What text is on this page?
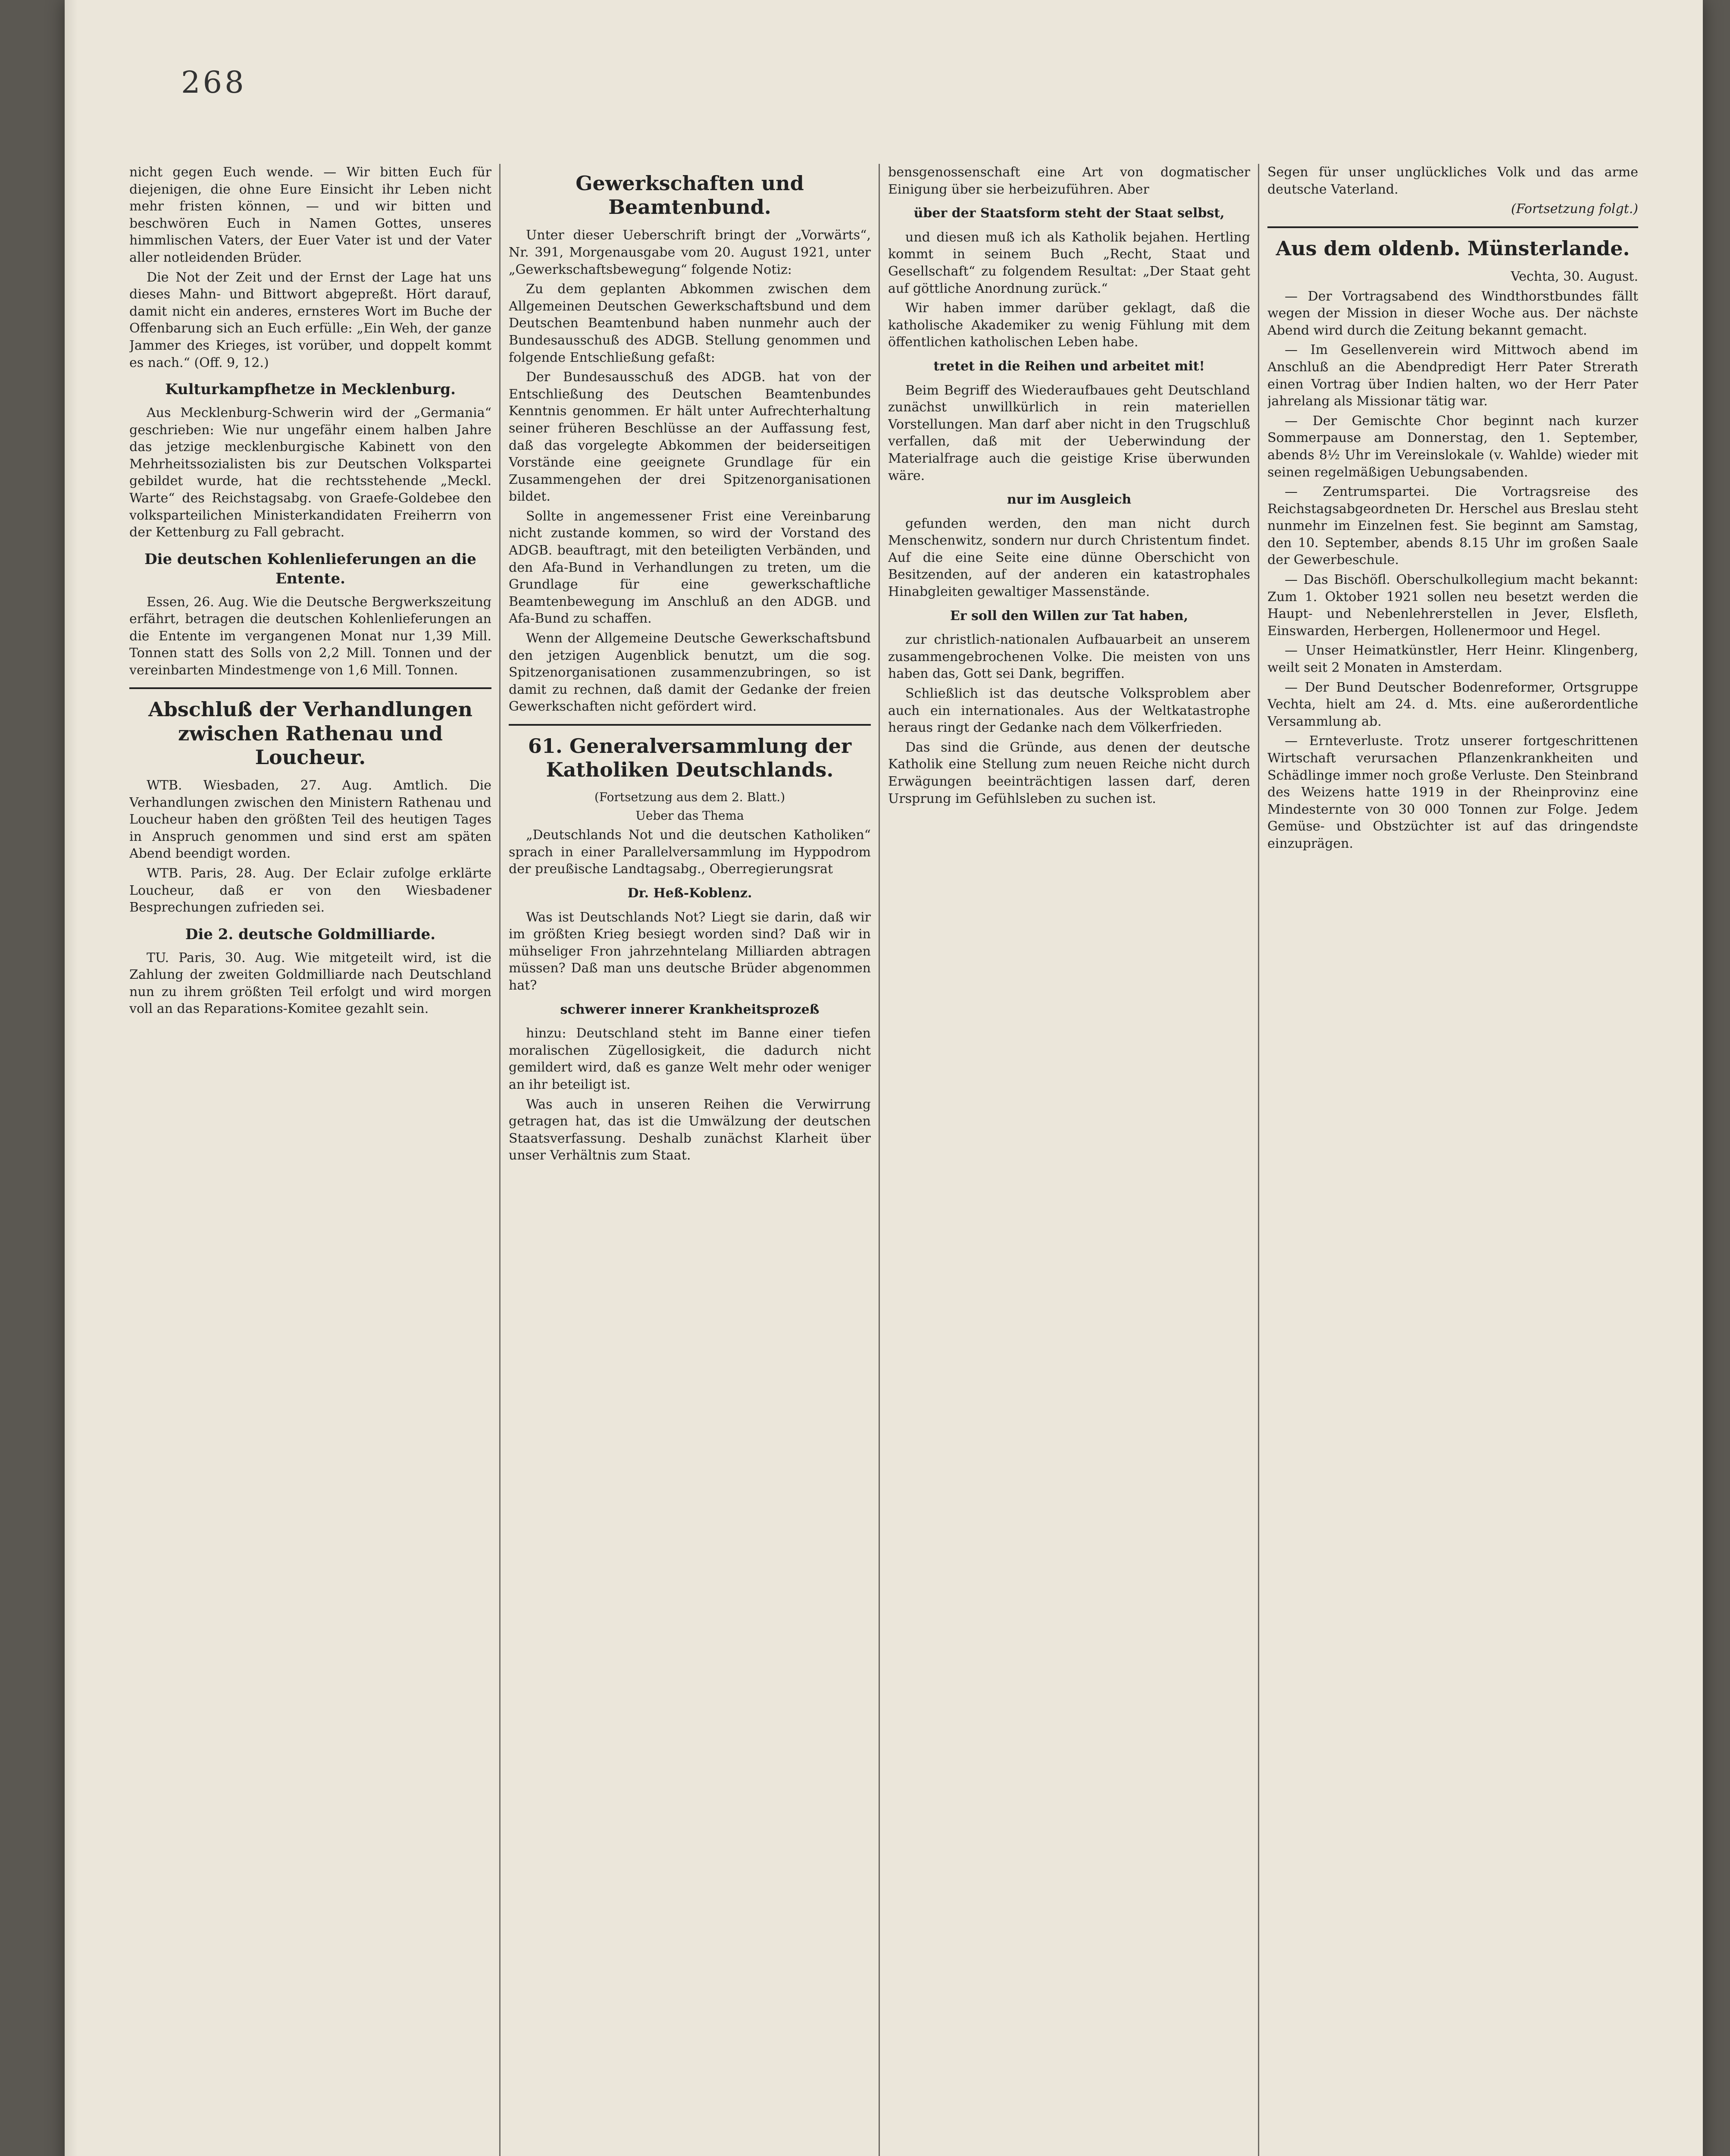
268

nicht gegen Euch wende. — Wir bitten Euch für diejenigen, die ohne Eure Einsicht ihr Leben nicht mehr fristen können, — und wir bitten und beschwören Euch in Namen Gottes, unseres himmlischen Vaters, der Euer Vater ist und der Vater aller notleidenden Brüder.

Die Not der Zeit und der Ernst der Lage hat uns dieses Mahn- und Bittwort abgepreßt. Hört darauf, damit nicht ein anderes, ernsteres Wort im Buche der Offenbarung sich an Euch erfülle: „Ein Weh, der ganze Jammer des Krieges, ist vorüber, und doppelt kommt es nach.“ (Off. 9, 12.)

Kulturkampfhetze in Mecklenburg.

Aus Mecklenburg-Schwerin wird der „Germania“ geschrieben: Wie nur ungefähr einem halben Jahre das jetzige mecklenburgische Kabinett von den Mehrheitssozialisten bis zur Deutschen Volkspartei gebildet wurde, hat die rechtsstehende „Meckl. Warte“ des Reichstagsabg. von Graefe-Goldebee den volksparteilichen Ministerkandidaten Freiherrn von der Kettenburg zu Fall gebracht.

Die deutschen Kohlenlieferungen an die Entente.

Essen, 26. Aug. Wie die Deutsche Bergwerkszeitung erfährt, betragen die deutschen Kohlenlieferungen an die Entente im vergangenen Monat nur 1,39 Mill. Tonnen statt des Solls von 2,2 Mill. Tonnen und der vereinbarten Mindestmenge von 1,6 Mill. Tonnen.

Abschluß der Verhandlungen zwischen Rathenau und Loucheur.

WTB. Wiesbaden, 27. Aug. Amtlich. Die Verhandlungen zwischen den Ministern Rathenau und Loucheur haben den größten Teil des heutigen Tages in Anspruch genommen und sind erst am späten Abend beendigt worden.

WTB. Paris, 28. Aug. Der Eclair zufolge erklärte Loucheur, daß er von den Wiesbadener Besprechungen zufrieden sei.

Die 2. deutsche Goldmilliarde.

TU. Paris, 30. Aug. Wie mitgeteilt wird, ist die Zahlung der zweiten Goldmilliarde nach Deutschland nun zu ihrem größten Teil erfolgt und wird morgen voll an das Reparations-Komitee gezahlt sein.

Gewerkschaften und Beamtenbund.

Unter dieser Ueberschrift bringt der „Vorwärts“, Nr. 391, Morgenausgabe vom 20. August 1921, unter „Gewerkschaftsbewegung“ folgende Notiz:

Zu dem geplanten Abkommen zwischen dem Allgemeinen Deutschen Gewerkschaftsbund und dem Deutschen Beamtenbund haben nunmehr auch der Bundesausschuß des ADGB. Stellung genommen und folgende Entschließung gefaßt:

Der Bundesausschuß des ADGB. hat von der Entschließung des Deutschen Beamtenbundes Kenntnis genommen. Er hält unter Aufrechterhaltung seiner früheren Beschlüsse an der Auffassung fest, daß das vorgelegte Abkommen der beiderseitigen Vorstände eine geeignete Grundlage für ein Zusammengehen der drei Spitzenorganisationen bildet.

Sollte in angemessener Frist eine Vereinbarung nicht zustande kommen, so wird der Vorstand des ADGB. beauftragt, mit den beteiligten Verbänden, und den Afa-Bund in Verhandlungen zu treten, um die Grundlage für eine gewerkschaftliche Beamtenbewegung im Anschluß an den ADGB. und Afa-Bund zu schaffen.

Wenn der Allgemeine Deutsche Gewerkschaftsbund den jetzigen Augenblick benutzt, um die sog. Spitzenorganisationen zusammenzubringen, so ist damit zu rechnen, daß damit der Gedanke der freien Gewerkschaften nicht gefördert wird.

61. Generalversammlung der Katholiken Deutschlands.

(Fortsetzung aus dem 2. Blatt.)

Ueber das Thema

„Deutschlands Not und die deutschen Katholiken“ sprach in einer Parallelversammlung im Hyppodrom der preußische Landtagsabg., Oberregierungsrat

Dr. Heß-Koblenz.

Was ist Deutschlands Not? Liegt sie darin, daß wir im größten Krieg besiegt worden sind? Daß wir in mühseliger Fron jahrzehntelang Milliarden abtragen müssen? Daß man uns deutsche Brüder abgenommen hat?

schwerer innerer Krankheitsprozeß

hinzu: Deutschland steht im Banne einer tiefen moralischen Zügellosigkeit, die dadurch nicht gemildert wird, daß es ganze Welt mehr oder weniger an ihr beteiligt ist.

Was auch in unseren Reihen die Verwirrung getragen hat, das ist die Umwälzung der deutschen Staatsverfassung. Deshalb zunächst Klarheit über unser Verhältnis zum Staat.

bensgenossenschaft eine Art von dogmatischer Einigung über sie herbeizuführen. Aber

über der Staatsform steht der Staat selbst,

und diesen muß ich als Katholik bejahen. Hertling kommt in seinem Buch „Recht, Staat und Gesellschaft“ zu folgendem Resultat: „Der Staat geht auf göttliche Anordnung zurück.“

Wir haben immer darüber geklagt, daß die katholische Akademiker zu wenig Fühlung mit dem öffentlichen katholischen Leben habe.

tretet in die Reihen und arbeitet mit!

Beim Begriff des Wiederaufbaues geht Deutschland zunächst unwillkürlich in rein materiellen Vorstellungen. Man darf aber nicht in den Trugschluß verfallen, daß mit der Ueberwindung der Materialfrage auch die geistige Krise überwunden wäre.

nur im Ausgleich

gefunden werden, den man nicht durch Menschenwitz, sondern nur durch Christentum findet. Auf die eine Seite eine dünne Oberschicht von Besitzenden, auf der anderen ein katastrophales Hinabgleiten gewaltiger Massenstände.

Er soll den Willen zur Tat haben,

zur christlich-nationalen Aufbauarbeit an unserem zusammengebrochenen Volke. Die meisten von uns haben das, Gott sei Dank, begriffen.

Schließlich ist das deutsche Volksproblem aber auch ein internationales. Aus der Weltkatastrophe heraus ringt der Gedanke nach dem Völkerfrieden.

Das sind die Gründe, aus denen der deutsche Katholik eine Stellung zum neuen Reiche nicht durch Erwägungen beeinträchtigen lassen darf, deren Ursprung im Gefühlsleben zu suchen ist.

Segen für unser unglückliches Volk und das arme deutsche Vaterland.

(Fortsetzung folgt.)

Aus dem oldenb. Münsterlande.

Vechta, 30. August.

— Der Vortragsabend des Windthorstbundes fällt wegen der Mission in dieser Woche aus. Der nächste Abend wird durch die Zeitung bekannt gemacht.

— Im Gesellenverein wird Mittwoch abend im Anschluß an die Abendpredigt Herr Pater Strerath einen Vortrag über Indien halten, wo der Herr Pater jahrelang als Missionar tätig war.

— Der Gemischte Chor beginnt nach kurzer Sommerpause am Donnerstag, den 1. September, abends 8½ Uhr im Vereinslokale (v. Wahlde) wieder mit seinen regelmäßigen Uebungsabenden.

— Zentrumspartei. Die Vortragsreise des Reichstagsabgeordneten Dr. Herschel aus Breslau steht nunmehr im Einzelnen fest. Sie beginnt am Samstag, den 10. September, abends 8.15 Uhr im großen Saale der Gewerbeschule.

— Das Bischöfl. Oberschulkollegium macht bekannt: Zum 1. Oktober 1921 sollen neu besetzt werden die Haupt- und Nebenlehrerstellen in Jever, Elsfleth, Einswarden, Herbergen, Hollenermoor und Hegel.

— Unser Heimatkünstler, Herr Heinr. Klingenberg, weilt seit 2 Monaten in Amsterdam.

— Der Bund Deutscher Bodenreformer, Ortsgruppe Vechta, hielt am 24. d. Mts. eine außerordentliche Versammlung ab.

— Ernteverluste. Trotz unserer fortgeschrittenen Wirtschaft verursachen Pflanzenkrankheiten und Schädlinge immer noch große Verluste. Den Steinbrand des Weizens hatte 1919 in der Rheinprovinz eine Mindesternte von 30 000 Tonnen zur Folge. Jedem Gemüse- und Obstzüchter ist auf das dringendste einzuprägen.
